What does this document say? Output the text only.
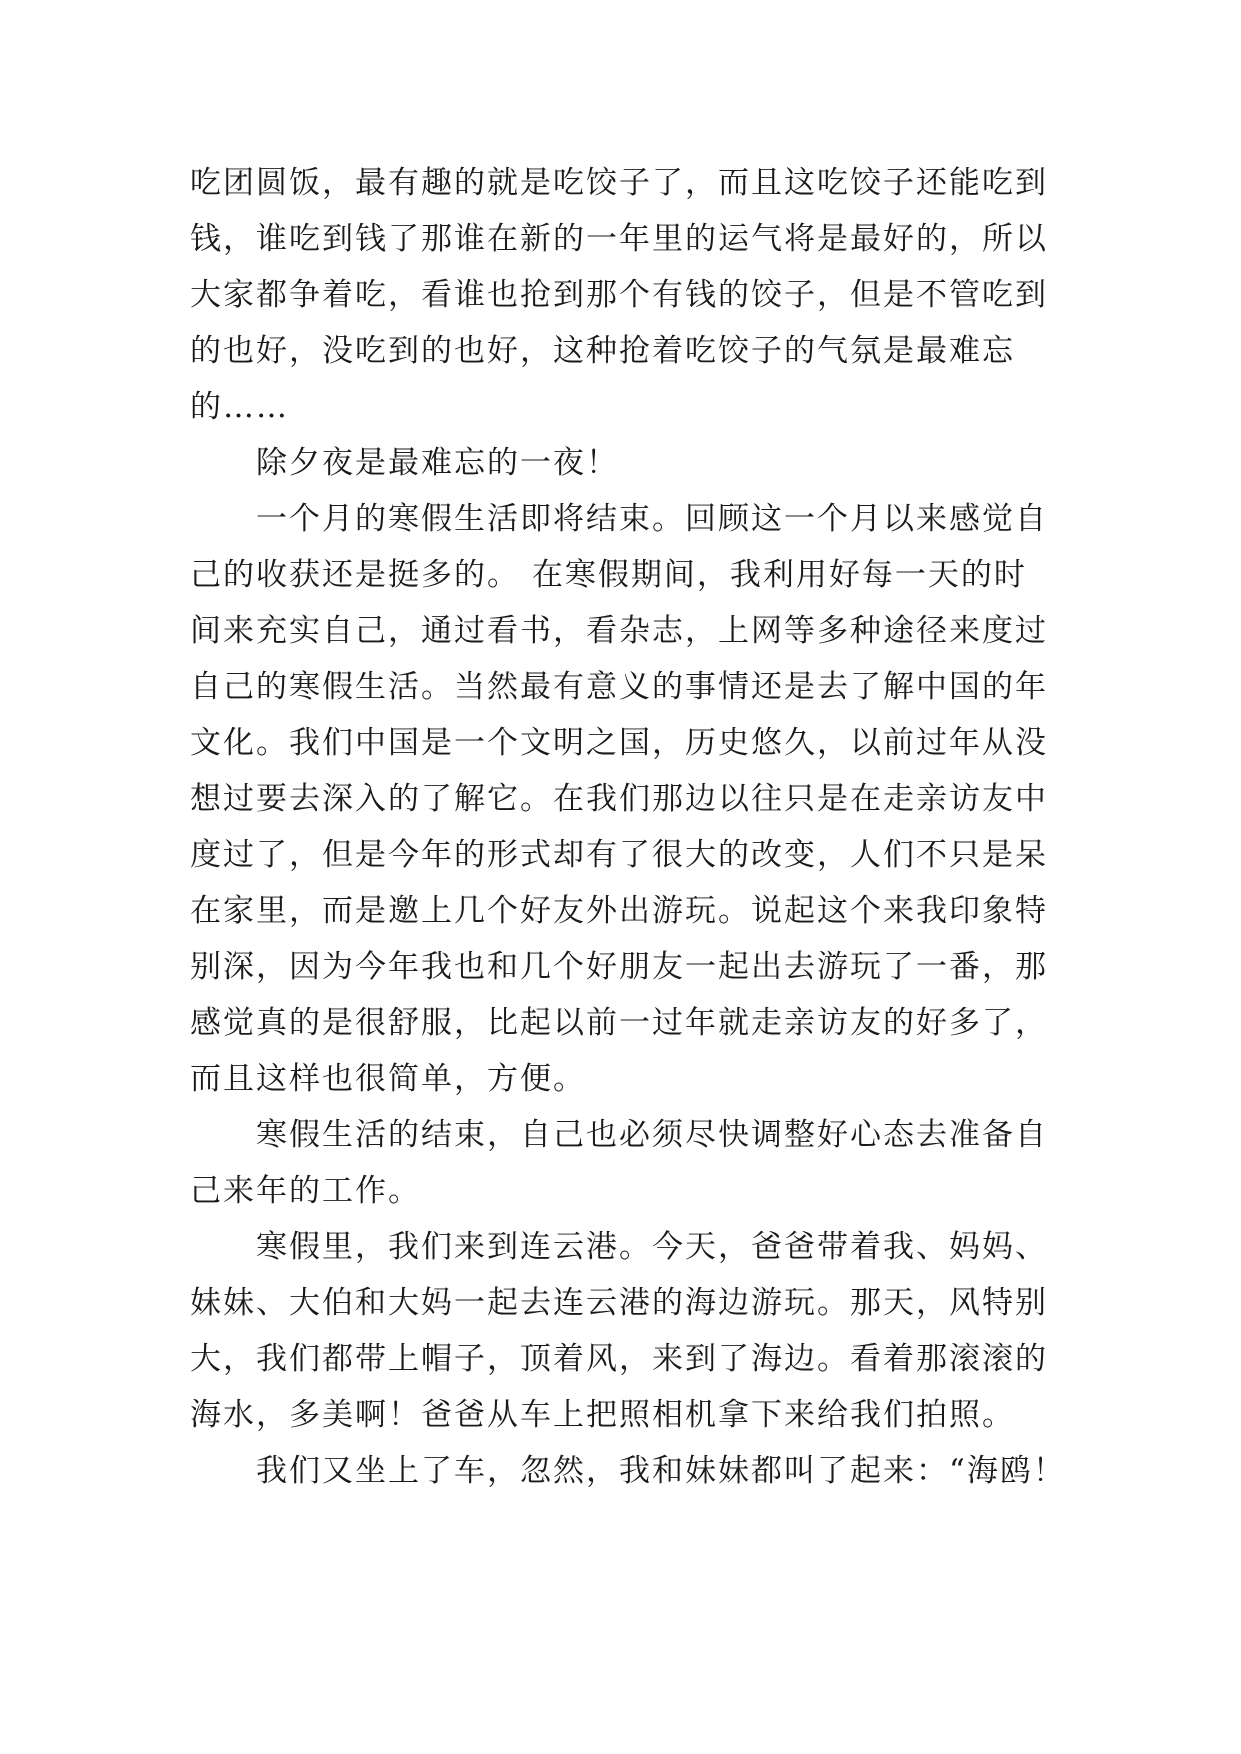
吃团圆饭，最有趣的就是吃饺子了，而且这吃饺子还能吃到
钱，谁吃到钱了那谁在新的一年里的运气将是最好的，所以
大家都争着吃，看谁也抢到那个有钱的饺子，但是不管吃到
的也好，没吃到的也好，这种抢着吃饺子的气氛是最难忘
的……
除夕夜是最难忘的一夜！
一个月的寒假生活即将结束。回顾这一个月以来感觉自
己的收获还是挺多的。 在寒假期间，我利用好每一天的时
间来充实自己，通过看书，看杂志，上网等多种途径来度过
自己的寒假生活。当然最有意义的事情还是去了解中国的年
文化。我们中国是一个文明之国，历史悠久，以前过年从没
想过要去深入的了解它。在我们那边以往只是在走亲访友中
度过了，但是今年的形式却有了很大的改变，人们不只是呆
在家里，而是邀上几个好友外出游玩。说起这个来我印象特
别深，因为今年我也和几个好朋友一起出去游玩了一番，那
感觉真的是很舒服，比起以前一过年就走亲访友的好多了，
而且这样也很简单，方便。
寒假生活的结束，自己也必须尽快调整好心态去准备自
己来年的工作。
寒假里，我们来到连云港。今天，爸爸带着我、妈妈、
妹妹、大伯和大妈一起去连云港的海边游玩。那天，风特别
大，我们都带上帽子，顶着风，来到了海边。看着那滚滚的
海水，多美啊！爸爸从车上把照相机拿下来给我们拍照。
我们又坐上了车，忽然，我和妹妹都叫了起来：“海鸥！
